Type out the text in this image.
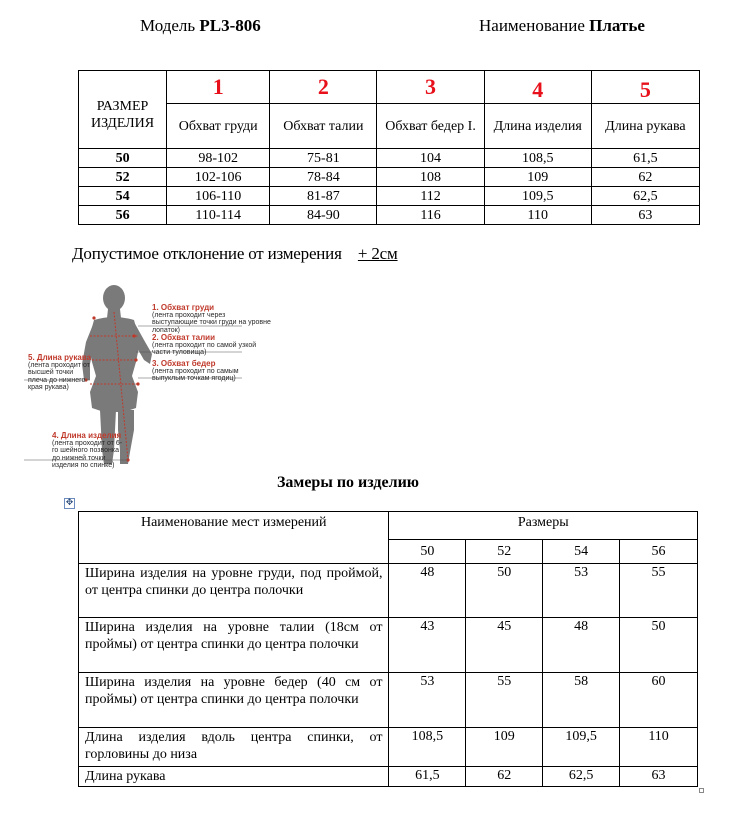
Модель PL3-806	Наименование Платье
РАЗМЕР ИЗДЕЛИЯ	1	2	3	4	5
	Обхват груди	Обхват талии	Обхват бедер I.	Длина изделия	Длина рукава
50	98-102	75-81	104	108,5	61,5
52	102-106	78-84	108	109	62
54	106-110	81-87	112	109,5	62,5
56	110-114	84-90	116	110	63
Допустимое отклонение от измерения + 2см
1. Обхват груди
(лента проходит через выступающие точки груди на уровне лопаток)
2. Обхват талии
(лента проходит по самой узкой части туловища)
3. Обхват бедер
(лента проходит по самым выпуклым точкам ягодиц)
5. Длина рукава
(лента проходит от высшей точки плеча до нижнего края рукава)
4. Длина изделия
(лента проходит от 6-го шейного позвонка до нижней точки изделия по спинке)
Замеры по изделию
✥
Наименование мест измерений	Размеры			
	50	52	54	56
Ширина изделия на уровне груди, под проймой, от центра спинки до центра полочки	48	50	53	55
Ширина изделия на уровне талии (18см от проймы) от центра спинки до центра полочки	43	45	48	50
Ширина изделия на уровне бедер (40 см от проймы) от центра спинки до центра полочки	53	55	58	60
Длина изделия вдоль центра спинки, от горловины до низа	108,5	109	109,5	110
Длина рукава	61,5	62	62,5	63
